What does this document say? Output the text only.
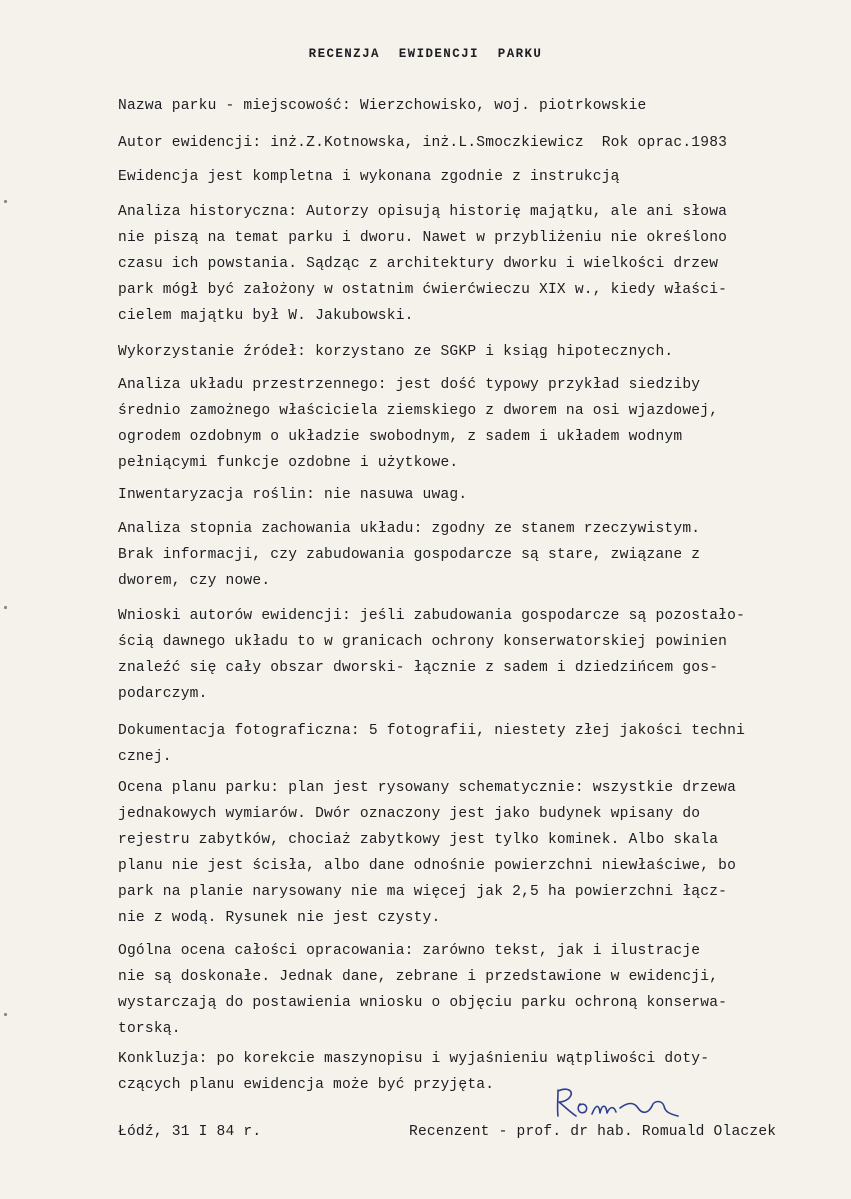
RECENZJA EWIDENCJI PARKU
Nazwa parku - miejscowość: Wierzchowisko, woj. piotrkowskie
Autor ewidencji: inż.Z.Kotnowska, inż.L.Smoczkiewicz  Rok oprac.1983
Ewidencja jest kompletna i wykonana zgodnie z instrukcją
Analiza historyczna: Autorzy opisują historię majątku, ale ani słowa
nie piszą na temat parku i dworu. Nawet w przybliżeniu nie określono
czasu ich powstania. Sądząc z architektury dworku i wielkości drzew
park mógł być założony w ostatnim ćwierćwieczu XIX w., kiedy właści-
cielem majątku był W. Jakubowski.
Wykorzystanie źródeł: korzystano ze SGKP i ksiąg hipotecznych.
Analiza układu przestrzennego: jest dość typowy przykład siedziby
średnio zamożnego właściciela ziemskiego z dworem na osi wjazdowej,
ogrodem ozdobnym o układzie swobodnym, z sadem i układem wodnym
pełniącymi funkcje ozdobne i użytkowe.
Inwentaryzacja roślin: nie nasuwa uwag.
Analiza stopnia zachowania układu: zgodny ze stanem rzeczywistym.
Brak informacji, czy zabudowania gospodarcze są stare, związane z
dworem, czy nowe.
Wnioski autorów ewidencji: jeśli zabudowania gospodarcze są pozostało-
ścią dawnego układu to w granicach ochrony konserwatorskiej powinien
znaleźć się cały obszar dworski- łącznie z sadem i dziedzińcem gos-
podarczym.
Dokumentacja fotograficzna: 5 fotografii, niestety złej jakości techni
cznej.
Ocena planu parku: plan jest rysowany schematycznie: wszystkie drzewa
jednakowych wymiarów. Dwór oznaczony jest jako budynek wpisany do
rejestru zabytków, chociaż zabytkowy jest tylko kominek. Albo skala
planu nie jest ścisła, albo dane odnośnie powierzchni niewłaściwe, bo
park na planie narysowany nie ma więcej jak 2,5 ha powierzchni łącz-
nie z wodą. Rysunek nie jest czysty.
Ogólna ocena całości opracowania: zarówno tekst, jak i ilustracje
nie są doskonałe. Jednak dane, zebrane i przedstawione w ewidencji,
wystarczają do postawienia wniosku o objęciu parku ochroną konserwa-
torską.
Konkluzja: po korekcie maszynopisu i wyjaśnieniu wątpliwości doty-
czących planu ewidencja może być przyjęta.
Łódź, 31 I 84 r.	Recenzent - prof. dr hab. Romuald Olaczek
